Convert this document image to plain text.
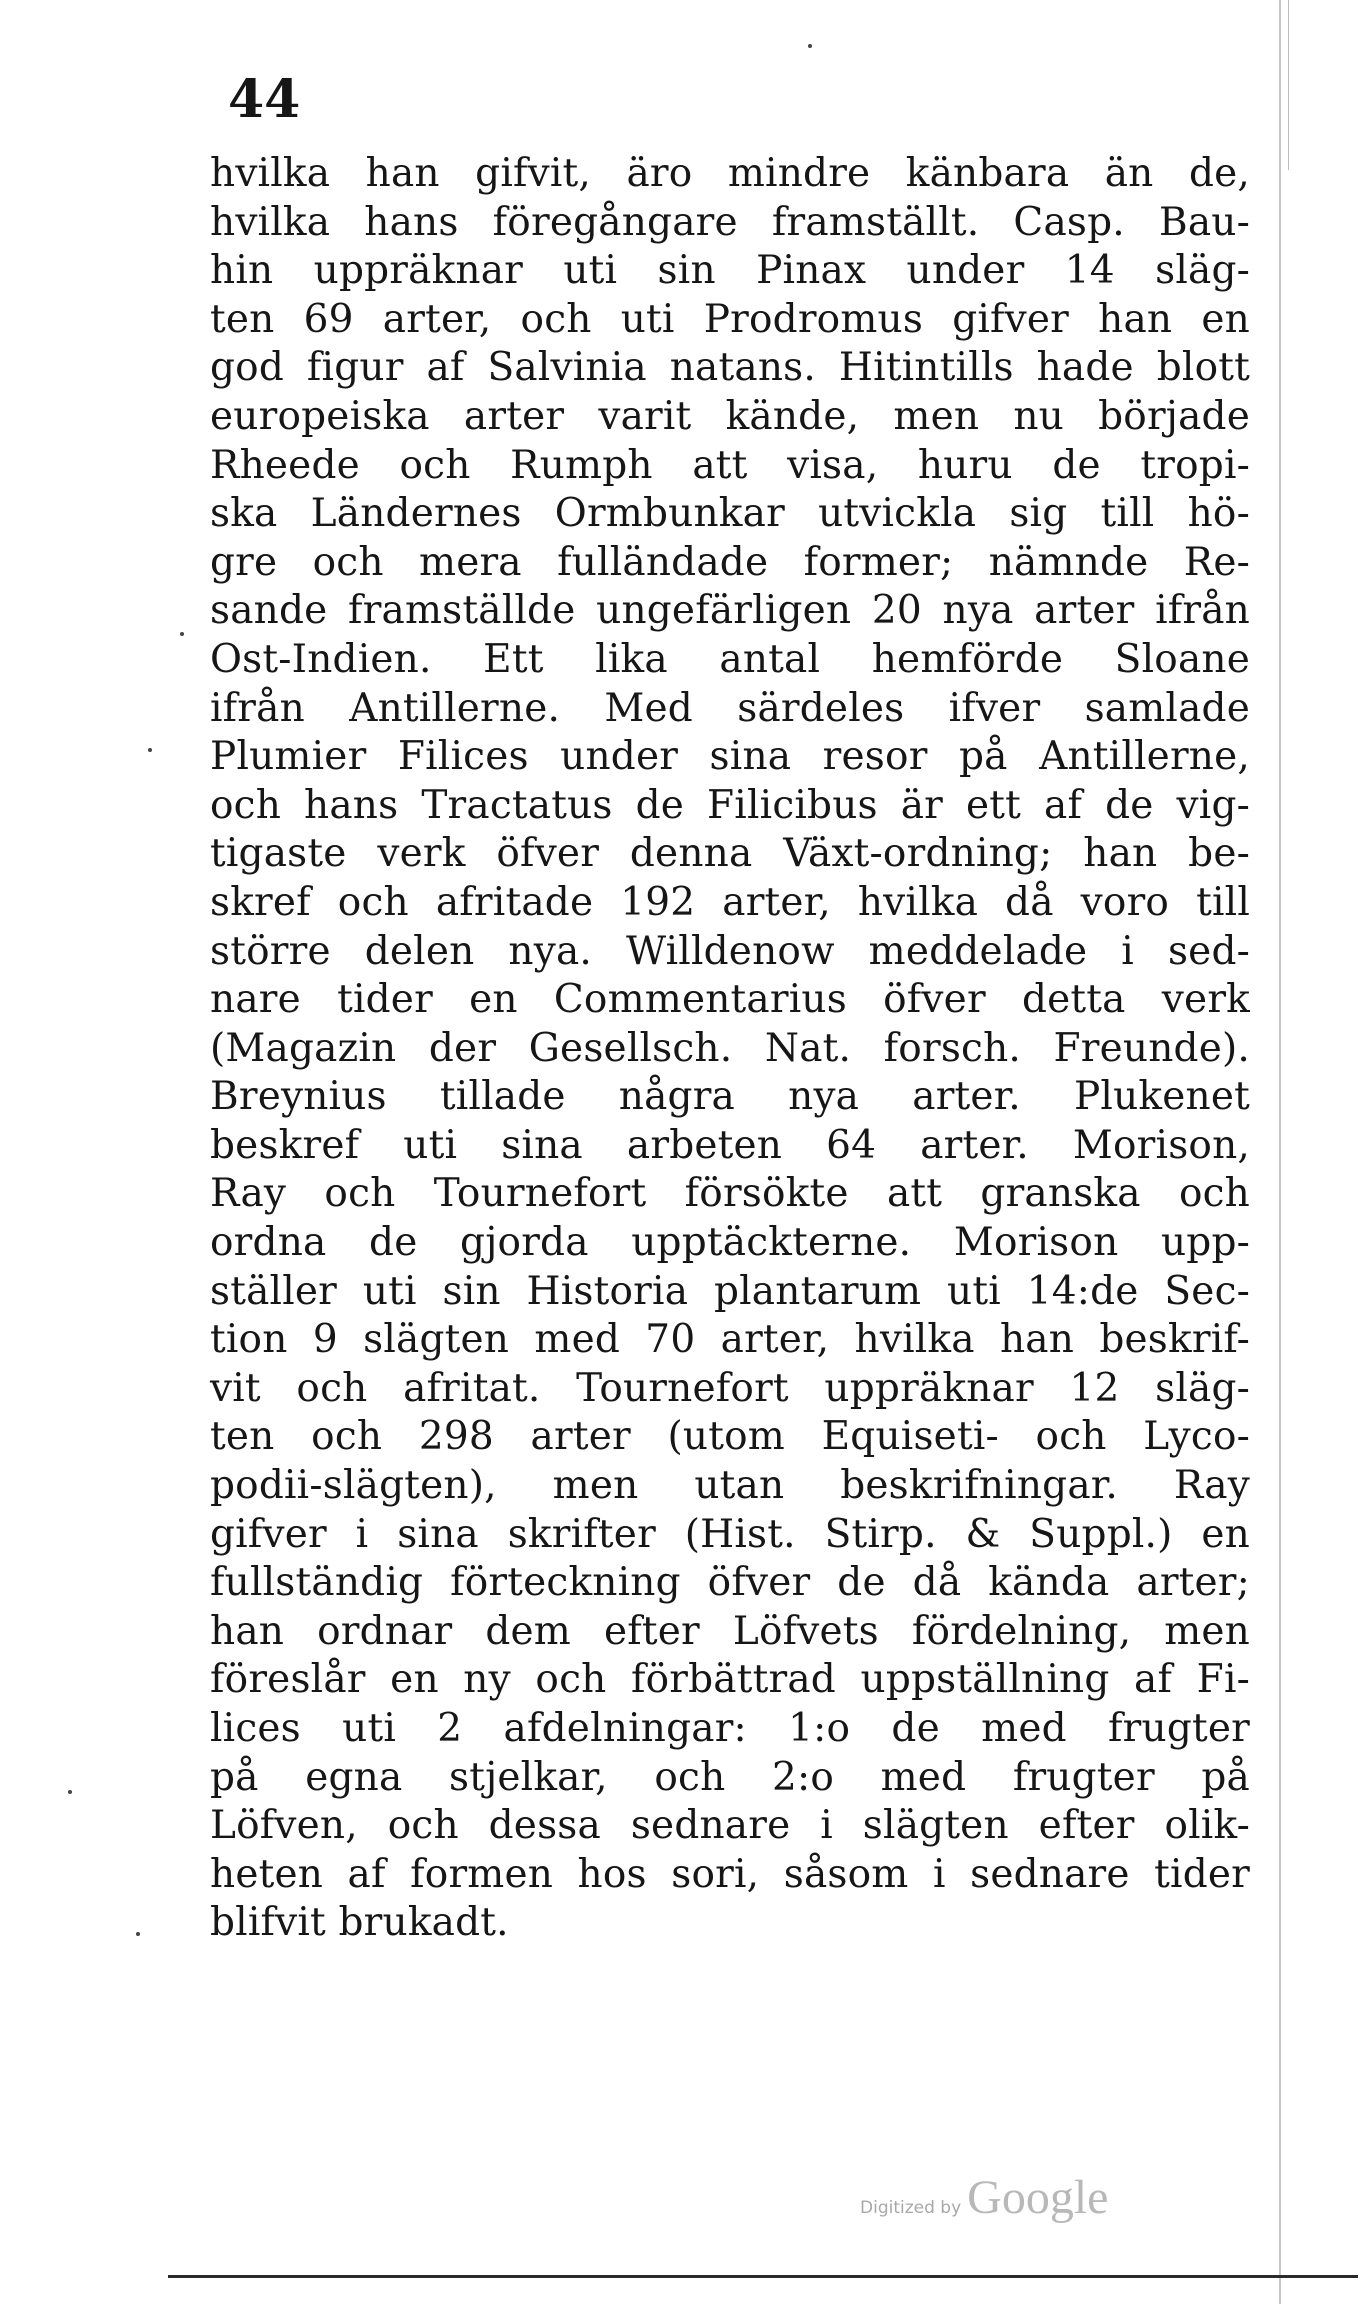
44
hvilka han gifvit, äro mindre känbara än de,
hvilka hans föregångare framställt. Casp. Bau-
hin uppräknar uti sin Pinax under 14 släg-
ten 69 arter, och uti Prodromus gifver han en
god figur af Salvinia natans. Hitintills hade blott
europeiska arter varit kände, men nu började
Rheede och Rumph att visa, huru de tropi-
ska Ländernes Ormbunkar utvickla sig till hö-
gre och mera fulländade former; nämnde Re-
sande framställde ungefärligen 20 nya arter ifrån
Ost-Indien. Ett lika antal hemförde Sloane
ifrån Antillerne. Med särdeles ifver samlade
Plumier Filices under sina resor på Antillerne,
och hans Tractatus de Filicibus är ett af de vig-
tigaste verk öfver denna Växt-ordning; han be-
skref och afritade 192 arter, hvilka då voro till
större delen nya. Willdenow meddelade i sed-
nare tider en Commentarius öfver detta verk
(Magazin der Gesellsch. Nat. forsch. Freunde).
Breynius tillade några nya arter. Plukenet
beskref uti sina arbeten 64 arter. Morison,
Ray och Tournefort försökte att granska och
ordna de gjorda upptäckterne. Morison upp-
ställer uti sin Historia plantarum uti 14:de Sec-
tion 9 slägten med 70 arter, hvilka han beskrif-
vit och afritat. Tournefort uppräknar 12 släg-
ten och 298 arter (utom Equiseti- och Lyco-
podii-slägten), men utan beskrifningar. Ray
gifver i sina skrifter (Hist. Stirp. & Suppl.) en
fullständig förteckning öfver de då kända arter;
han ordnar dem efter Löfvets fördelning, men
föreslår en ny och förbättrad uppställning af Fi-
lices uti 2 afdelningar: 1:o de med frugter
på egna stjelkar, och 2:o med frugter på
Löfven, och dessa sednare i slägten efter olik-
heten af formen hos sori, såsom i sednare tider
blifvit brukadt.
Digitized by Google
